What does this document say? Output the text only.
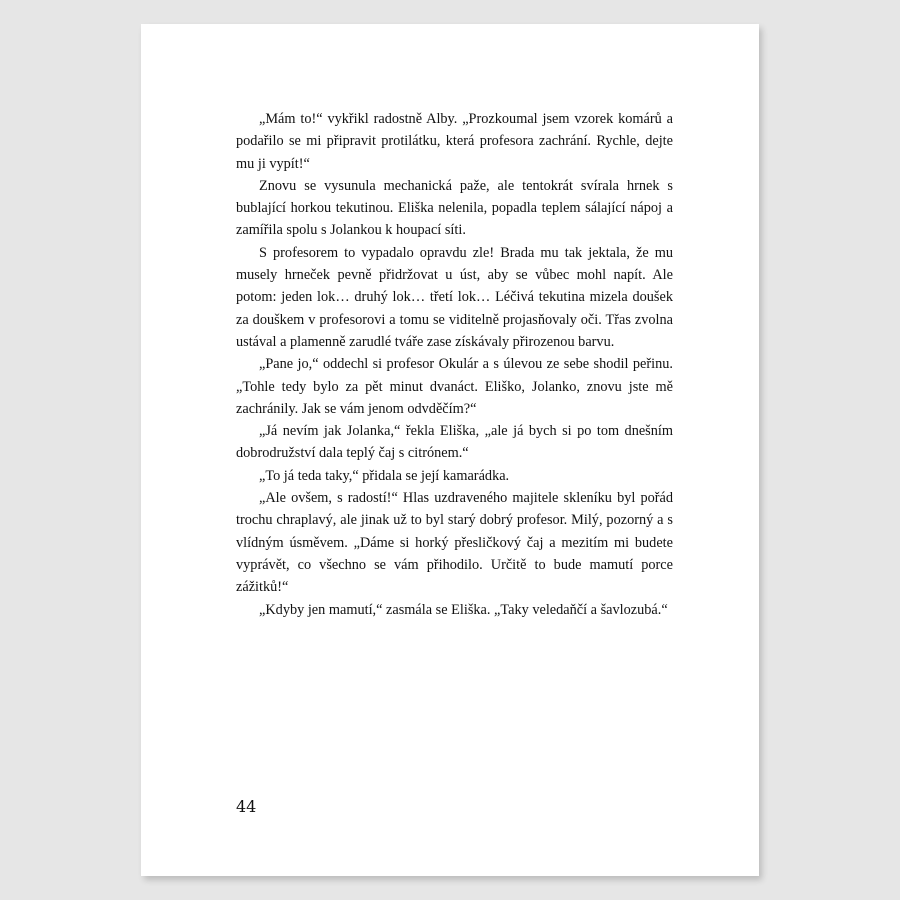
„Mám to!“ vykřikl radostně Alby. „Prozkoumal jsem vzorek komárů a podařilo se mi připravit protilátku, která profesora zachrání. Rychle, dejte mu ji vypít!“

Znovu se vysunula mechanická paže, ale tentokrát svírala hrnek s bublající horkou tekutinou. Eliška nelenila, popadla teplem sálající nápoj a zamířila spolu s Jolankou k houpací síti.

S profesorem to vypadalo opravdu zle! Brada mu tak jektala, že mu musely hrneček pevně přidržovat u úst, aby se vůbec mohl napít. Ale potom: jeden lok… druhý lok… třetí lok… Léčivá tekutina mizela doušek za douškem v profesorovi a tomu se viditelně projasňovaly oči. Třas zvolna ustával a plamenně zarudlé tváře zase získávaly přirozenou barvu.

„Pane jo,“ oddechl si profesor Okulár a s úlevou ze sebe shodil peřinu. „Tohle tedy bylo za pět minut dvanáct. Eliško, Jolanko, znovu jste mě zachránily. Jak se vám jenom odvděčím?“

„Já nevím jak Jolanka,“ řekla Eliška, „ale já bych si po tom dnešním dobrodružství dala teplý čaj s citrónem.“

„To já teda taky,“ přidala se její kamarádka.

„Ale ovšem, s radostí!“ Hlas uzdraveného majitele skleníku byl pořád trochu chraplavý, ale jinak už to byl starý dobrý profesor. Milý, pozorný a s vlídným úsměvem. „Dáme si horký přesličkový čaj a mezitím mi budete vyprávět, co všechno se vám přihodilo. Určitě to bude mamutí porce zážitků!“

„Kdyby jen mamutí,“ zasmála se Eliška. „Taky veledaňčí a šavlozubá.“

44
